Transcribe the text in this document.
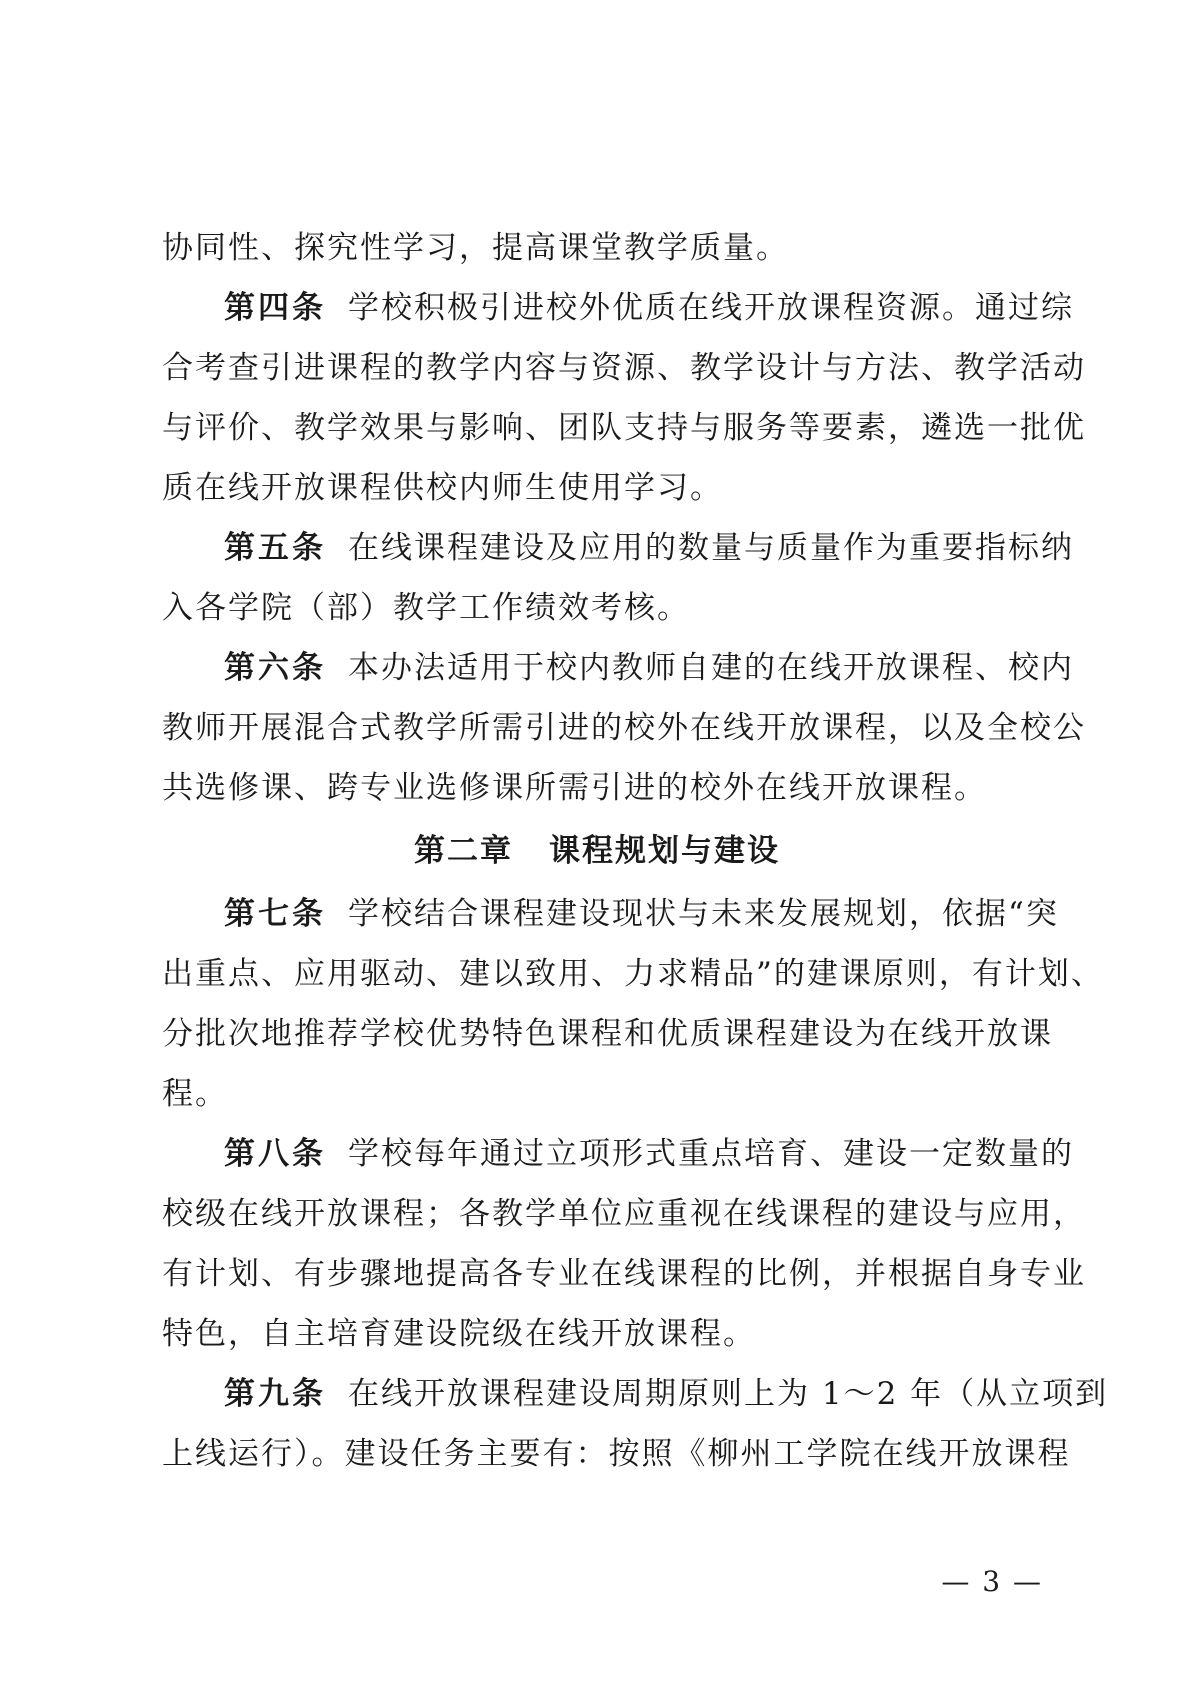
协同性、探究性学习，提高课堂教学质量。
第四条 学校积极引进校外优质在线开放课程资源。通过综
合考查引进课程的教学内容与资源、教学设计与方法、教学活动
与评价、教学效果与影响、团队支持与服务等要素，遴选一批优
质在线开放课程供校内师生使用学习。
第五条 在线课程建设及应用的数量与质量作为重要指标纳
入各学院（部）教学工作绩效考核。
第六条 本办法适用于校内教师自建的在线开放课程、校内
教师开展混合式教学所需引进的校外在线开放课程，以及全校公
共选修课、跨专业选修课所需引进的校外在线开放课程。
第二章 课程规划与建设
第七条 学校结合课程建设现状与未来发展规划，依据“突
出重点、应用驱动、建以致用、力求精品”的建课原则，有计划、
分批次地推荐学校优势特色课程和优质课程建设为在线开放课
程。
第八条 学校每年通过立项形式重点培育、建设一定数量的
校级在线开放课程；各教学单位应重视在线课程的建设与应用，
有计划、有步骤地提高各专业在线课程的比例，并根据自身专业
特色，自主培育建设院级在线开放课程。
第九条 在线开放课程建设周期原则上为 1～2 年（从立项到
上线运行）。建设任务主要有：按照《柳州工学院在线开放课程
— 3 —
